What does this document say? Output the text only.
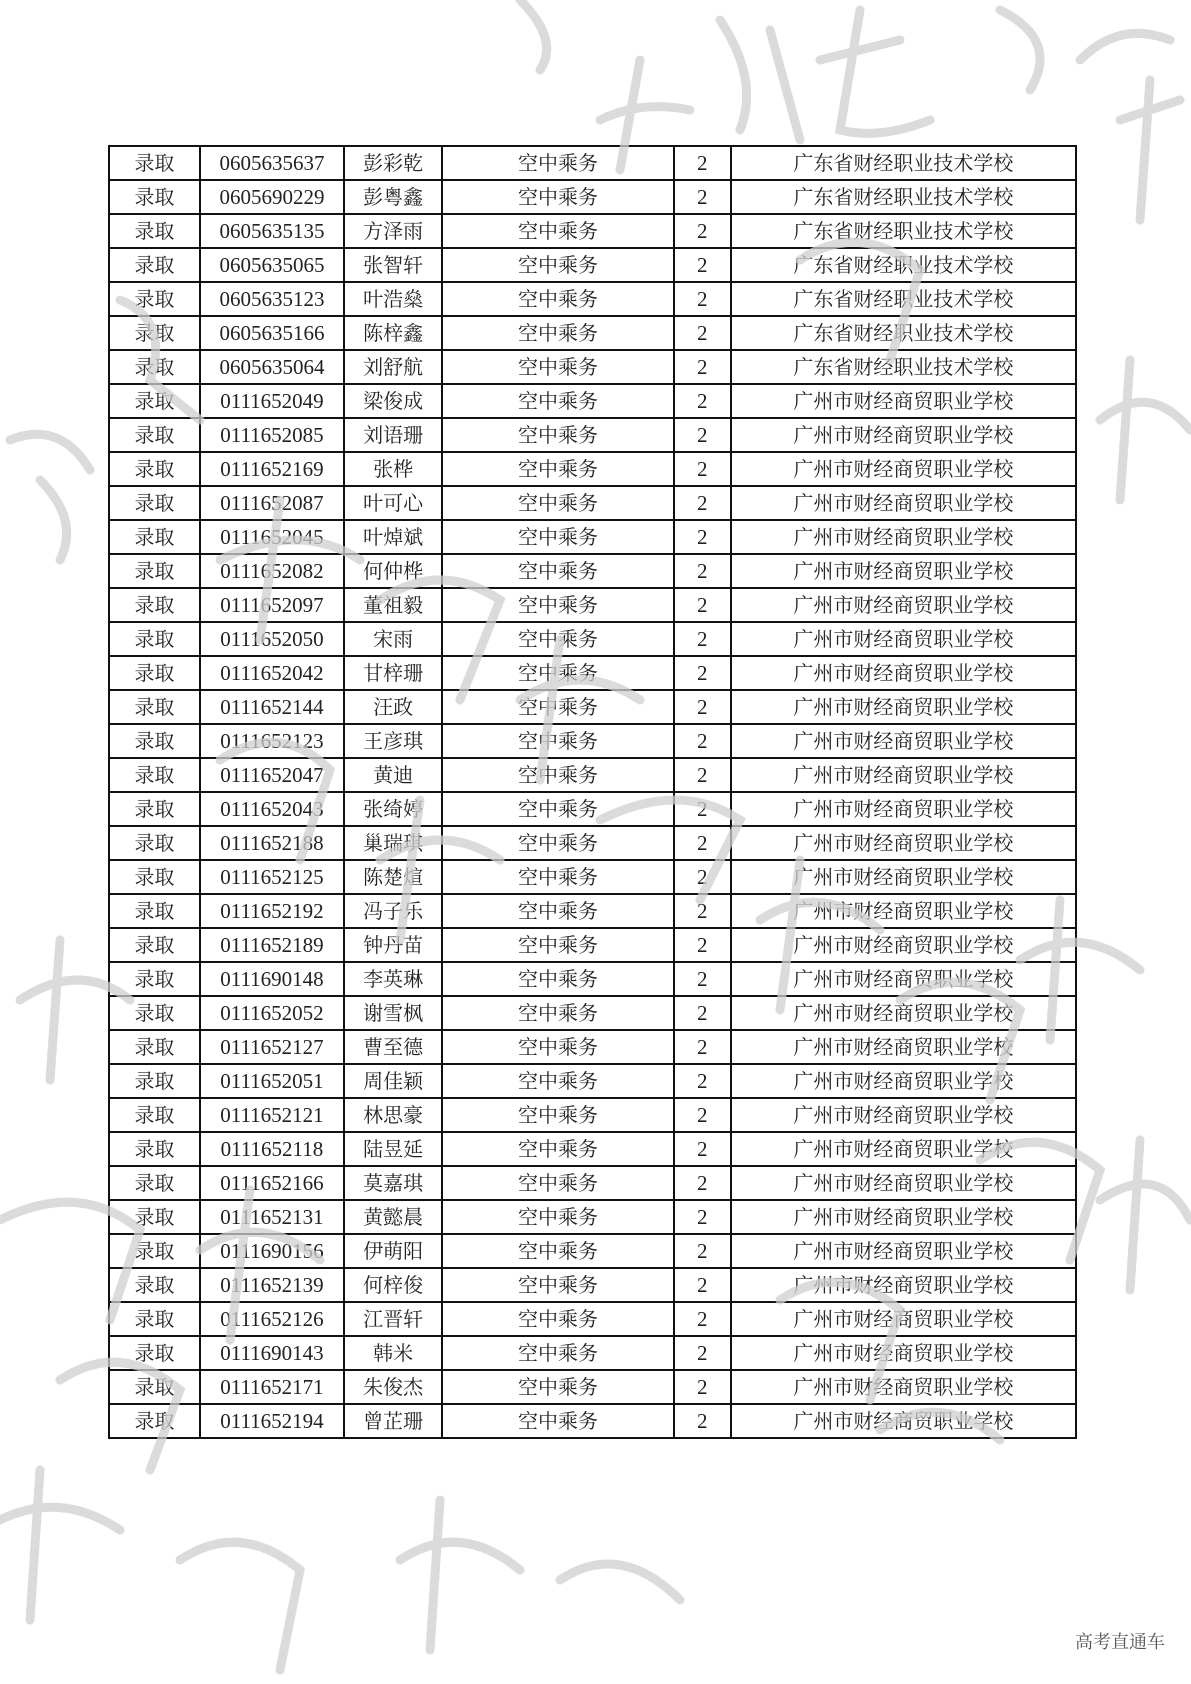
录取	0605635637	彭彩乾	空中乘务	2	广东省财经职业技术学校
录取	0605690229	彭粤鑫	空中乘务	2	广东省财经职业技术学校
录取	0605635135	方泽雨	空中乘务	2	广东省财经职业技术学校
录取	0605635065	张智轩	空中乘务	2	广东省财经职业技术学校
录取	0605635123	叶浩燊	空中乘务	2	广东省财经职业技术学校
录取	0605635166	陈梓鑫	空中乘务	2	广东省财经职业技术学校
录取	0605635064	刘舒航	空中乘务	2	广东省财经职业技术学校
录取	0111652049	梁俊成	空中乘务	2	广州市财经商贸职业学校
录取	0111652085	刘语珊	空中乘务	2	广州市财经商贸职业学校
录取	0111652169	张桦	空中乘务	2	广州市财经商贸职业学校
录取	0111652087	叶可心	空中乘务	2	广州市财经商贸职业学校
录取	0111652045	叶焯斌	空中乘务	2	广州市财经商贸职业学校
录取	0111652082	何仲桦	空中乘务	2	广州市财经商贸职业学校
录取	0111652097	董祖毅	空中乘务	2	广州市财经商贸职业学校
录取	0111652050	宋雨	空中乘务	2	广州市财经商贸职业学校
录取	0111652042	甘梓珊	空中乘务	2	广州市财经商贸职业学校
录取	0111652144	汪政	空中乘务	2	广州市财经商贸职业学校
录取	0111652123	王彦琪	空中乘务	2	广州市财经商贸职业学校
录取	0111652047	黄迪	空中乘务	2	广州市财经商贸职业学校
录取	0111652043	张绮婷	空中乘务	2	广州市财经商贸职业学校
录取	0111652188	巢瑞琪	空中乘务	2	广州市财经商贸职业学校
录取	0111652125	陈楚煊	空中乘务	2	广州市财经商贸职业学校
录取	0111652192	冯子乐	空中乘务	2	广州市财经商贸职业学校
录取	0111652189	钟丹苗	空中乘务	2	广州市财经商贸职业学校
录取	0111690148	李英琳	空中乘务	2	广州市财经商贸职业学校
录取	0111652052	谢雪枫	空中乘务	2	广州市财经商贸职业学校
录取	0111652127	曹至德	空中乘务	2	广州市财经商贸职业学校
录取	0111652051	周佳颖	空中乘务	2	广州市财经商贸职业学校
录取	0111652121	林思豪	空中乘务	2	广州市财经商贸职业学校
录取	0111652118	陆昱延	空中乘务	2	广州市财经商贸职业学校
录取	0111652166	莫嘉琪	空中乘务	2	广州市财经商贸职业学校
录取	0111652131	黄懿晨	空中乘务	2	广州市财经商贸职业学校
录取	0111690156	伊萌阳	空中乘务	2	广州市财经商贸职业学校
录取	0111652139	何梓俊	空中乘务	2	广州市财经商贸职业学校
录取	0111652126	江晋轩	空中乘务	2	广州市财经商贸职业学校
录取	0111690143	韩米	空中乘务	2	广州市财经商贸职业学校
录取	0111652171	朱俊杰	空中乘务	2	广州市财经商贸职业学校
录取	0111652194	曾芷珊	空中乘务	2	广州市财经商贸职业学校
高考直通车
